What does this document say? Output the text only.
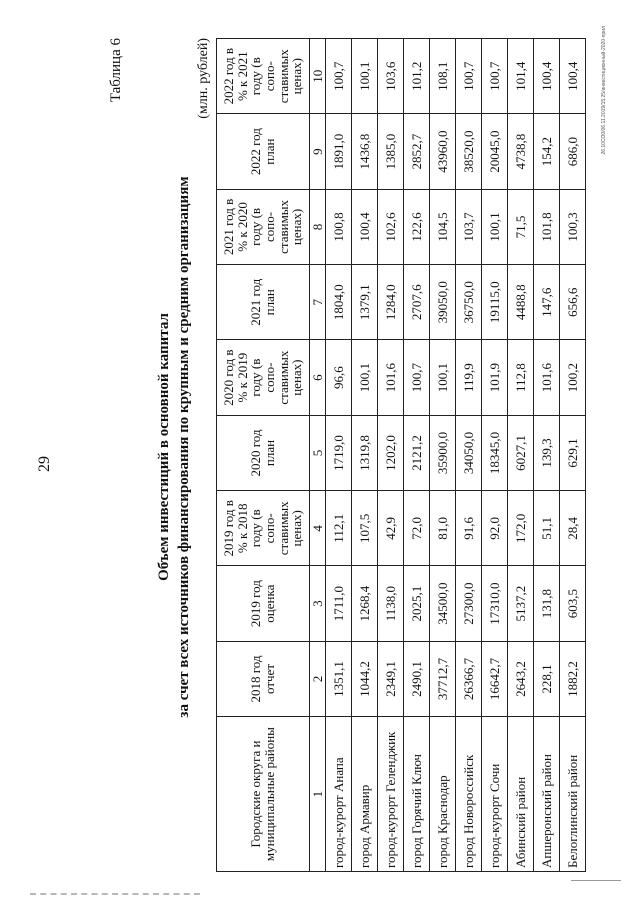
29
Таблица 6
Объем инвестиций в основной капитал за счет всех источников финансирования по крупным и средним организациям
(млн. рублей)
Городские округа и муниципальные районы	2018 год отчет	2019 год оценка	2019 год в % к 2018 году (в сопо-ставимых ценах)	2020 год план	2020 год в % к 2019 году (в сопо-ставимых ценах)	2021 год план	2021 год в % к 2020 году (в сопо-ставимых ценах)	2022 год план	2022 год в % к 2021 году (в сопо-ставимых ценах)
1	2	3	4	5	6	7	8	9	10
город-курорт Анапа	1351,1	1711,0	112,1	1719,0	96,6	1804,0	100,8	1891,0	100,7
город Армавир	1044,2	1268,4	107,5	1319,8	100,1	1379,1	100,4	1436,8	100,1
город-курорт Геленджик	2349,1	1138,0	42,9	1202,0	101,6	1284,0	102,6	1385,0	103,6
город Горячий Ключ	2490,1	2025,1	72,0	2121,2	100,7	2707,6	122,6	2852,7	101,2
город Краснодар	37712,7	34500,0	81,0	35900,0	100,1	39050,0	104,5	43960,0	108,1
город Новороссийск	26366,7	27300,0	91,6	34050,0	119,9	36750,0	103,7	38520,0	100,7
город-курорт Сочи	16642,7	17310,0	92,0	18345,0	101,9	19115,0	100,1	20045,0	100,7
Абинский район	2643,2	5137,2	172,0	6027,1	112,8	4488,8	71,5	4738,8	101,4
Апшеронский район	228,1	131,8	51,1	139,3	101,6	147,6	101,8	154,2	100,4
Белоглинский район	1882,2	603,5	28,4	629,1	100,2	656,6	100,3	686,0	100,4	26.10СО0/06.11.2019/15:25/инвестиционный-2020-прил
